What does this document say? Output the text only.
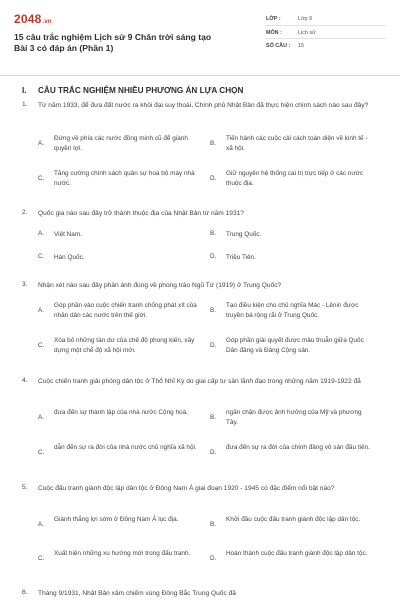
2048.vn
15 câu trắc nghiệm Lịch sử 9 Chân trời sáng tạo Bài 3 có đáp án (Phần 1)
LỚP :	Lớp 9
MÔN :	Lịch sử
SỐ CÂU : 15
I. CÂU TRẮC NGHIỆM NHIỀU PHƯƠNG ÁN LỰA CHỌN
1. Từ năm 1933, để đưa đất nước ra khỏi đại suy thoái, Chính phủ Nhật Bản đã thực hiện chính sách nào sau đây?
A.
Đứng về phía các nước đồng minh cũ để giành quyền lợi.
B.
Tiến hành các cuộc cải cách toàn diện về kinh tế - xã hội.
C.
Tăng cường chính sách quân sự hoá bộ máy nhà nước.
D.
Giữ nguyên hệ thống cai trị trực tiếp ở các nước thuộc địa.
2. Quốc gia nào sau đây trở thành thuộc địa của Nhật Bản từ năm 1931?
A. Việt Nam.	B. Trung Quốc.
C. Hàn Quốc.	D. Triều Tiên.
3. Nhận xét nào sau đây phản ánh đúng về phong trào Ngũ Tứ (1919) ở Trung Quốc?
A.
Góp phần vào cuộc chiến tranh chống phát xít của nhân dân các nước trên thế giới.
B.
Tạo điều kiện cho chủ nghĩa Mác - Lênin được truyền bá rộng rãi ở Trung Quốc.
C.
Xóa bỏ những tàn dư của chế độ phong kiến, xây dựng một chế độ xã hội mới.
D.
Góp phần giải quyết được mâu thuẫn giữa Quốc Dân đảng và Đảng Cộng sản.
4. Cuộc chiến tranh giải phóng dân tộc ở Thổ Nhĩ Kỳ do giai cấp tư sản lãnh đạo trong những năm 1919-1922 đã
A.
đưa đến sự thành lập của nhà nước Cộng hoà.
B.
ngăn chặn được ảnh hưởng của Mỹ và phương Tây.
C.
dẫn đến sự ra đời của nhà nước chủ nghĩa xã hội.
D.
đưa đến sự ra đời của chính đảng vô sản đầu tiên.
5. Cuộc đấu tranh giành độc lập dân tộc ở Đông Nam Á giai đoạn 1920 - 1945 có đặc điểm nổi bật nào?
A.
Giành thắng lợi sớm ở Đông Nam Á lục địa.
B.
Khởi đầu cuộc đấu tranh giành độc lập dân tộc.
C.
Xuất hiện những xu hướng mới trong đấu tranh.
D.
Hoàn thành cuộc đấu tranh giành độc lập dân tộc.
6. Tháng 9/1931, Nhật Bản xâm chiếm vùng Đông Bắc Trung Quốc đã
